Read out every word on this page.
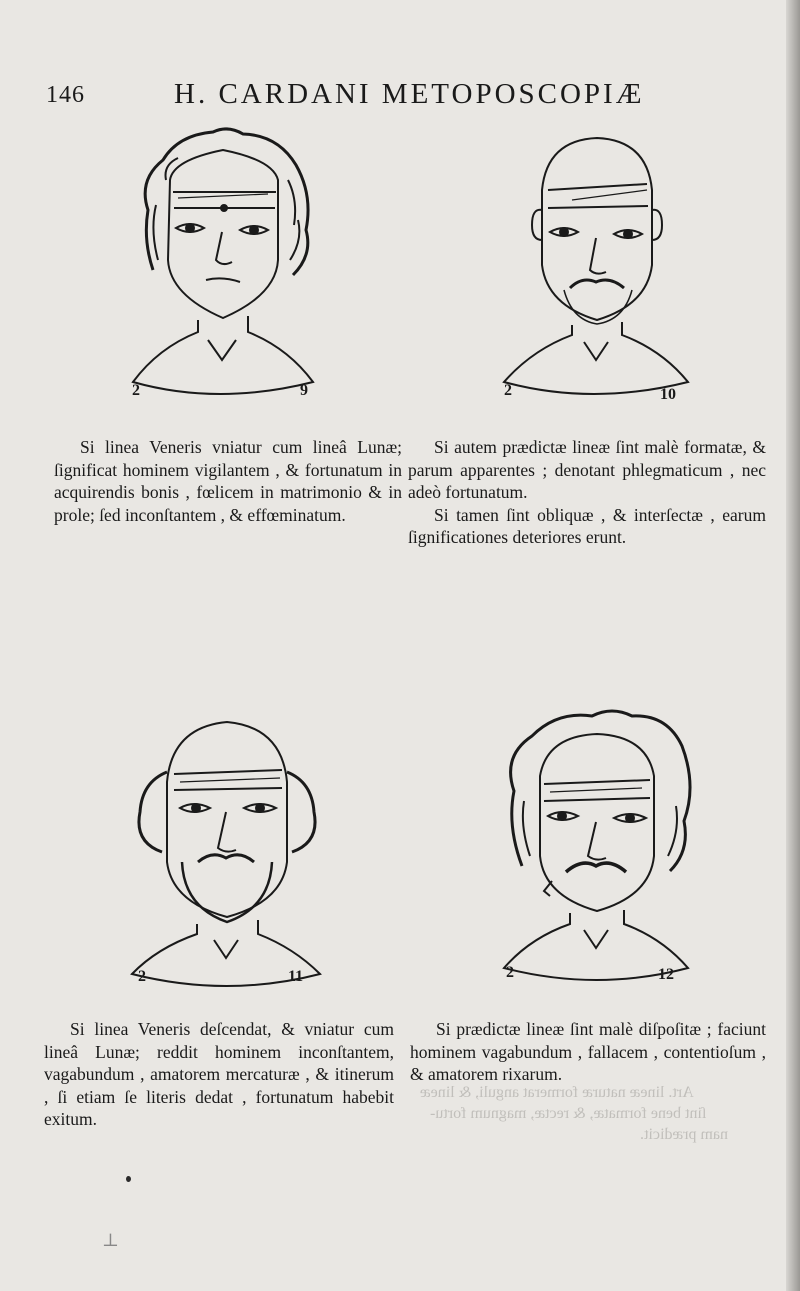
146	H. CARDANI METOPOSCOPIÆ
2	9	2	10
2	11	2	12

Si linea Veneris vniatur cum lineâ Lunæ; ſignificat hominem vigilantem , & fortunatum in acquirendis bonis , fœlicem in matrimonio & in prole; ſed inconſtantem , & effœminatum.

Si autem prædictæ lineæ ſint malè formatæ, & parum apparentes ; denotant phlegmaticum , nec adeò fortunatum.

Si tamen ſint obliquæ , & interſectæ , earum ſignificationes deteriores erunt.

Si linea Veneris deſcendat, & vniatur cum lineâ Lunæ; reddit hominem inconſtantem, vagabundum , amatorem mercaturæ , & itinerum , ſi etiam ſe literis dedat , fortunatum habebit exitum.

Si prædictæ lineæ ſint malè diſpoſitæ ; faciunt hominem vagabundum , fallacem , contentioſum , & amatorem rixarum.

Art. lineæ naturæ formerat anguli, & lineæ
ſint bene formatæ, & rectæ, magnum fortu-
nam prædicit.
⊥
